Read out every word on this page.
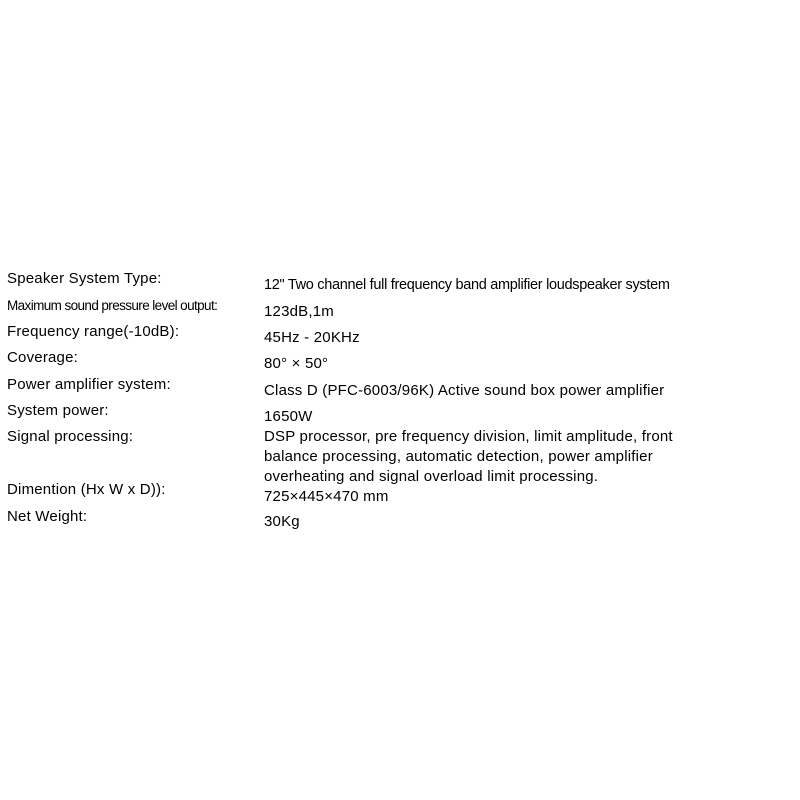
Speaker System Type:	12" Two channel full frequency band amplifier loudspeaker system
Maximum sound pressure level output:	123dB,1m
Frequency range(-10dB):	45Hz - 20KHz
Coverage:	80° × 50°
Power amplifier system:	Class D (PFC-6003/96K) Active sound box power amplifier
System power:	1650W
Signal processing:	DSP processor, pre frequency division, limit amplitude, front
balance processing, automatic detection, power amplifier
overheating and signal overload limit processing.
Dimention (Hx W x D)):	725×445×470 mm
Net Weight:	30Kg
